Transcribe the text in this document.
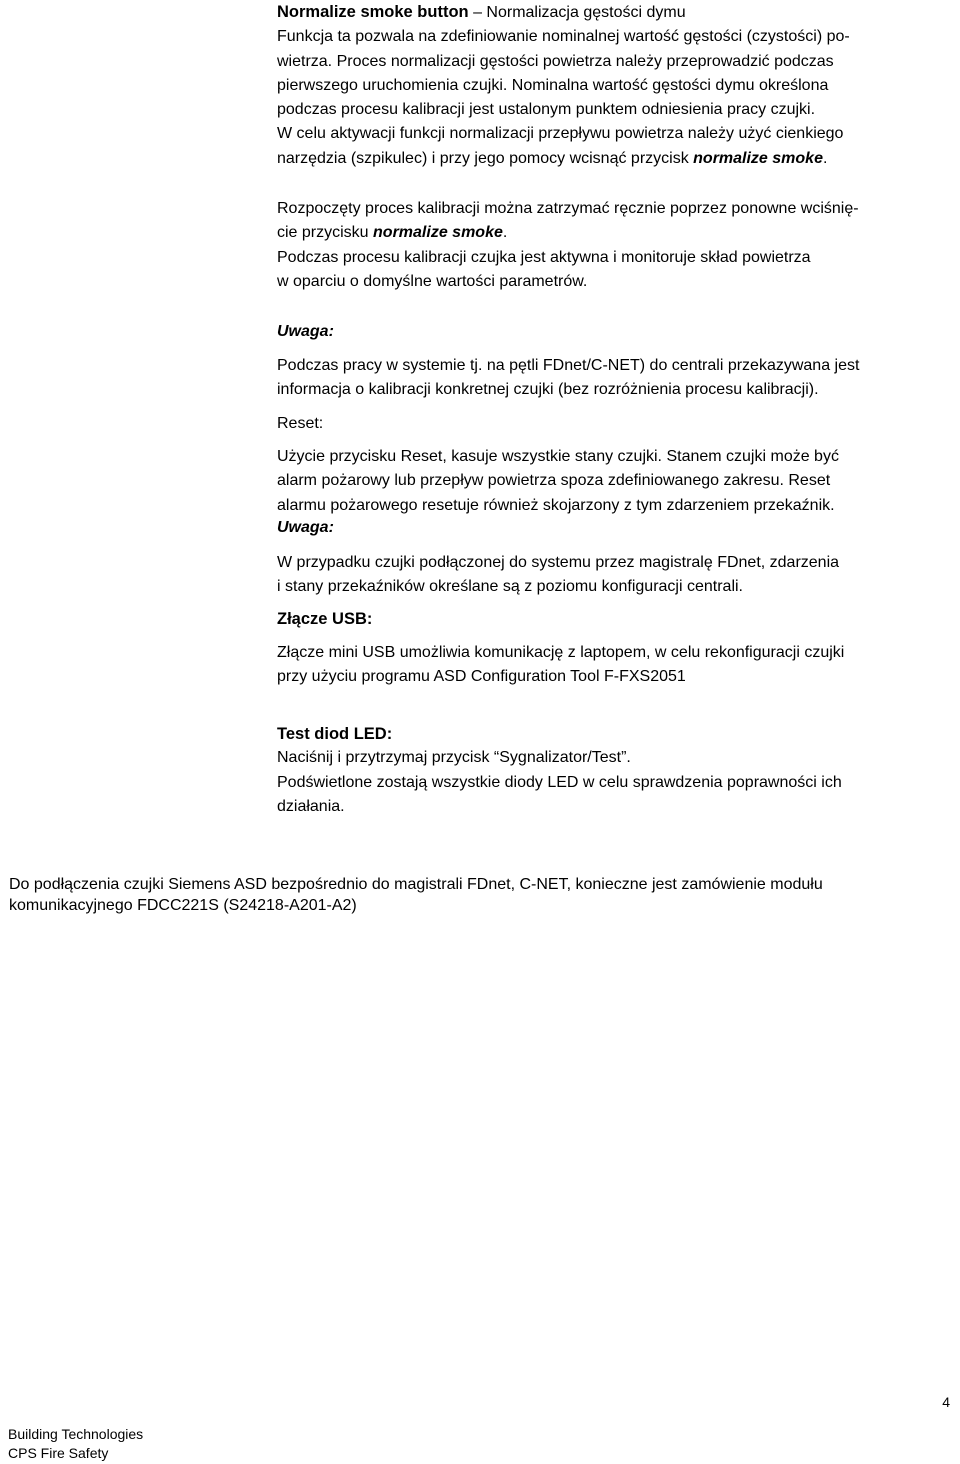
Normalize smoke button – Normalizacja gęstości dymu
Funkcja ta pozwala na zdefiniowanie nominalnej wartość gęstości (czystości) po-
wietrza. Proces normalizacji gęstości powietrza należy przeprowadzić podczas
pierwszego uruchomienia czujki. Nominalna wartość gęstości dymu określona
podczas procesu kalibracji jest ustalonym punktem odniesienia pracy czujki.
W celu aktywacji funkcji normalizacji przepływu powietrza należy użyć cienkiego
narzędzia (szpikulec) i przy jego pomocy wcisnąć przycisk normalize smoke.
Rozpoczęty proces kalibracji można zatrzymać ręcznie poprzez ponowne wciśnię-
cie przycisku normalize smoke.
Podczas procesu kalibracji czujka jest aktywna i monitoruje skład powietrza
w oparciu o domyślne wartości parametrów.
Uwaga:
Podczas pracy w systemie tj. na pętli FDnet/C-NET) do centrali przekazywana jest
informacja o kalibracji konkretnej czujki (bez rozróżnienia procesu kalibracji).
Reset:
Użycie przycisku Reset, kasuje wszystkie stany czujki. Stanem czujki może być
alarm pożarowy lub przepływ powietrza spoza zdefiniowanego zakresu. Reset
alarmu pożarowego resetuje również skojarzony z tym zdarzeniem przekaźnik.
Uwaga:
W przypadku czujki podłączonej do systemu przez magistralę FDnet, zdarzenia
i stany przekaźników określane są z poziomu konfiguracji centrali.
Złącze USB:
Złącze mini USB umożliwia komunikację z laptopem, w celu rekonfiguracji czujki
przy użyciu programu ASD Configuration Tool F-FXS2051
Test diod LED:
Naciśnij i przytrzymaj przycisk “Sygnalizator/Test”.
Podświetlone zostają wszystkie diody LED w celu sprawdzenia poprawności ich
działania.
Do podłączenia czujki Siemens ASD bezpośrednio do magistrali FDnet, C-NET, konieczne jest zamówienie modułu
komunikacyjnego FDCC221S (S24218-A201-A2)
4
Building Technologies
CPS Fire Safety
